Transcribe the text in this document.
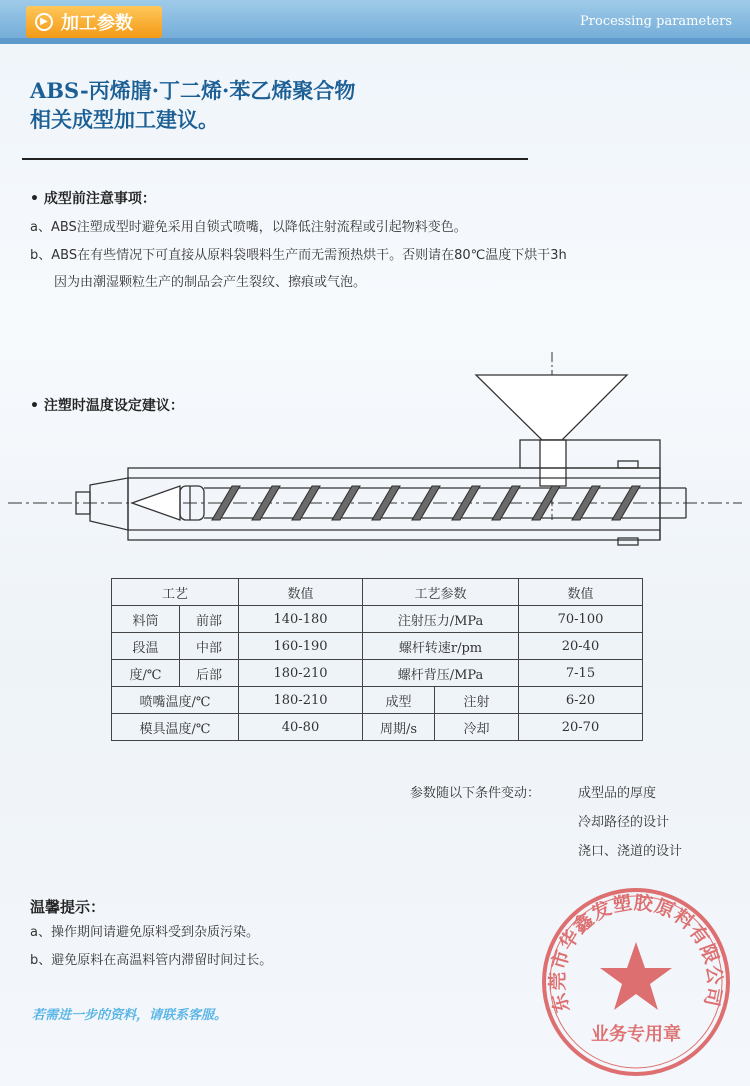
▶ 加工参数	Processing parameters
ABS-丙烯腈·丁二烯·苯乙烯聚合物
相关成型加工建议。
• 成型前注意事项：
a、ABS注塑成型时避免采用自锁式喷嘴，以降低注射流程或引起物料变色。
b、ABS在有些情况下可直接从原料袋喂料生产而无需预热烘干。否则请在80℃温度下烘干3h
因为由潮湿颗粒生产的制品会产生裂纹、擦痕或气泡。
• 注塑时温度设定建议：
工艺		数值	工艺参数		数值
料筒	前部	140-180	注射压力/MPa		70-100
段温	中部	160-190	螺杆转速r/pm		20-40
度/℃	后部	180-210	螺杆背压/MPa		7-15
喷嘴温度/℃		180-210	成型	注射	6-20
模具温度/℃		40-80	周期/s	冷却	20-70
参数随以下条件变动：	成型品的厚度
冷却路径的设计
浇口、浇道的设计
温馨提示：
a、操作期间请避免原料受到杂质污染。
b、避免原料在高温料管内滞留时间过长。
若需进一步的资料，请联系客服。
东莞市华鑫发塑胶原料有限公司
业务专用章
